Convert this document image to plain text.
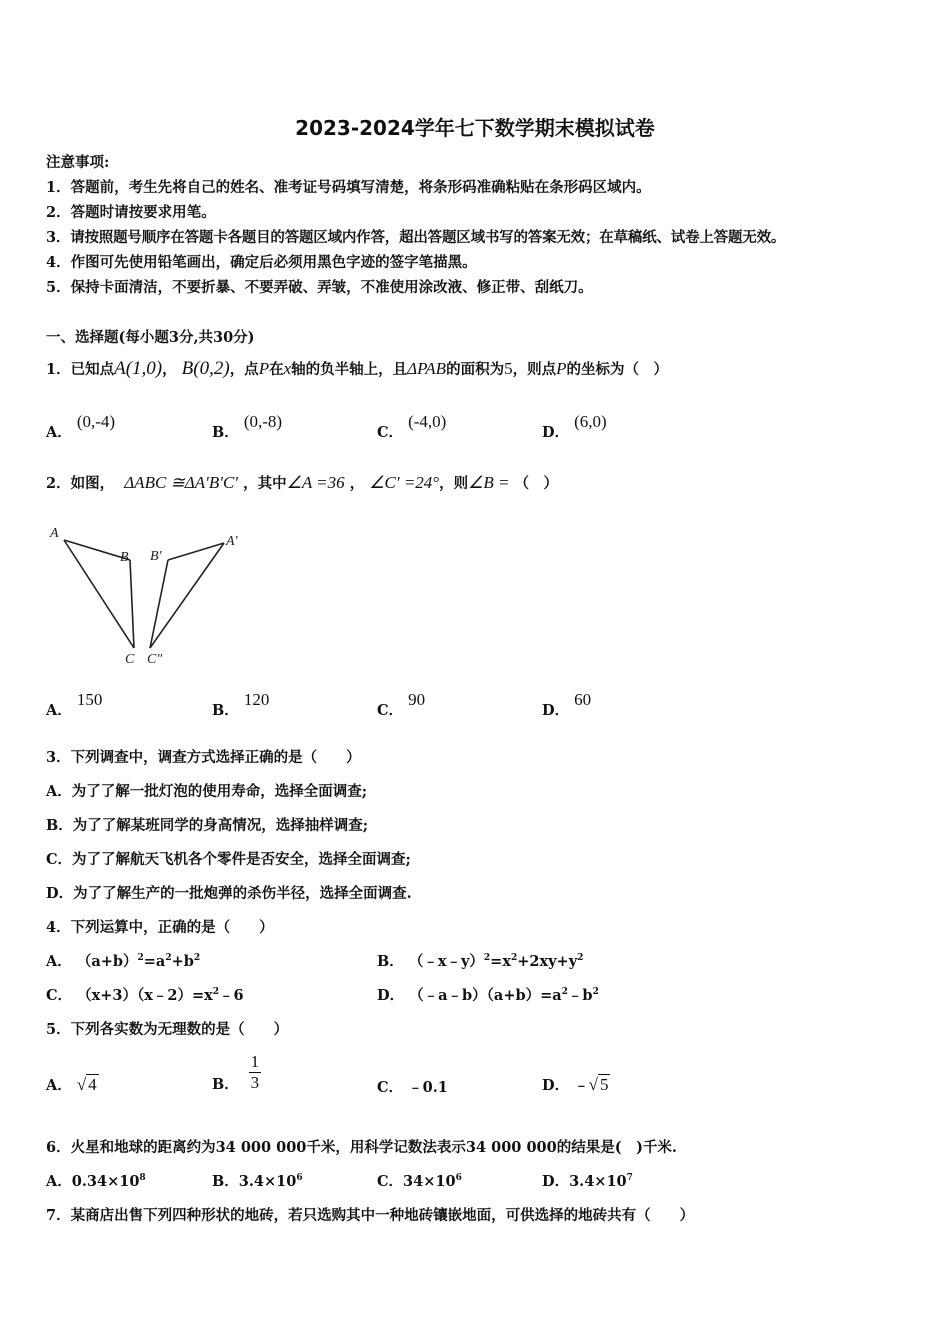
2023-2024学年七下数学期末模拟试卷
注意事项:
1．答题前，考生先将自己的姓名、准考证号码填写清楚，将条形码准确粘贴在条形码区域内。
2．答题时请按要求用笔。
3．请按照题号顺序在答题卡各题目的答题区域内作答，超出答题区域书写的答案无效；在草稿纸、试卷上答题无效。
4．作图可先使用铅笔画出，确定后必须用黑色字迹的签字笔描黑。
5．保持卡面清洁，不要折暴、不要弄破、弄皱，不准使用涂改液、修正带、刮纸刀。
一、选择题(每小题3分,共30分)
1．已知点A(1,0)， B(0,2)，点P在x轴的负半轴上，且ΔPAB的面积为5，则点P的坐标为（　）
A． (0,-4)
B． (0,-8)
C． (-4,0)
D． (6,0)
2．如图， ΔABC ≅ΔA′B′C′ ，其中∠A =36 ， ∠C′ =24°，则∠B = （　）
A
B
C
A′
B′
C″
A． 150
B． 120
C． 90
D． 60
3．下列调查中，调查方式选择正确的是（　　）
A．为了了解一批灯泡的使用寿命，选择全面调查;
B．为了了解某班同学的身高情况，选择抽样调查;
C．为了了解航天飞机各个零件是否安全，选择全面调查;
D．为了了解生产的一批炮弹的杀伤半径，选择全面调查.
4．下列运算中，正确的是（　　）
A． $(a+b)^2=a^2+b^2$	B． $(﹣x﹣y)^2=x^2+2xy+y^2$
C． $(x+3)(x﹣2)=x^2﹣6$	D． $(﹣a﹣b)(a+b)=a^2﹣b^2$
5．下列各实数为无理数的是（　　）
A． √ 4	B． $\frac{1}{3}$	C． ﹣0.1	D． ﹣√ 5
6．火星和地球的距离约为34 000 000千米，用科学记数法表示34 000 000的结果是(　)千米.
A．$0.34\times 10^8$	B．$3.4\times 10^6$	C．$34\times 10^6$	D．$3.4\times 10^7$
7．某商店出售下列四种形状的地砖，若只选购其中一种地砖镶嵌地面，可供选择的地砖共有（　　）
